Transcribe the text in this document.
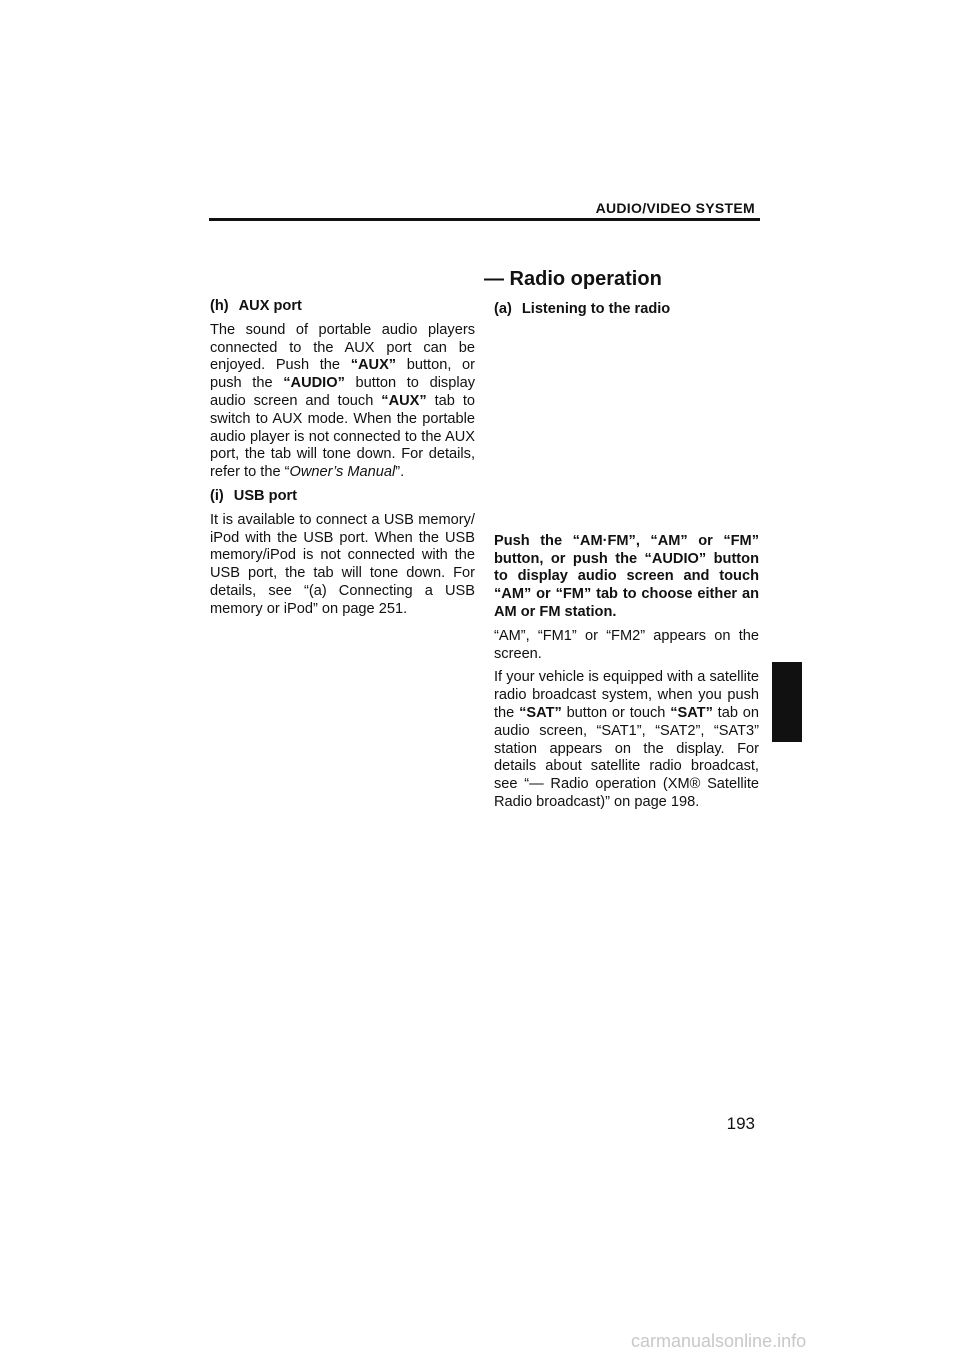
AUDIO/VIDEO SYSTEM
— Radio operation
(h) AUX port

The sound of portable audio players connected to the AUX port can be enjoyed. Push the “AUX” button, or push the “AUDIO” button to display audio screen and touch “AUX” tab to switch to AUX mode. When the portable audio player is not connected to the AUX port, the tab will tone down. For details, refer to the “Owner’s Manual”.

(i) USB port

It is available to connect a USB memory/ iPod with the USB port. When the USB memory/iPod is not connected with the USB port, the tab will tone down. For details, see “(a) Connecting a USB memory or iPod” on page 251.

(a) Listening to the radio

Push the “AM·FM”, “AM” or “FM” button, or push the “AUDIO” button to display audio screen and touch “AM” or “FM” tab to choose either an AM or FM station.

“AM”, “FM1” or “FM2” appears on the screen.

If your vehicle is equipped with a satellite radio broadcast system, when you push the “SAT” button or touch “SAT” tab on audio screen, “SAT1”, “SAT2”, “SAT3” station appears on the display. For details about satellite radio broadcast, see “— Radio operation (XM® Satellite Radio broadcast)” on page 198.

193
carmanualsonline.info
